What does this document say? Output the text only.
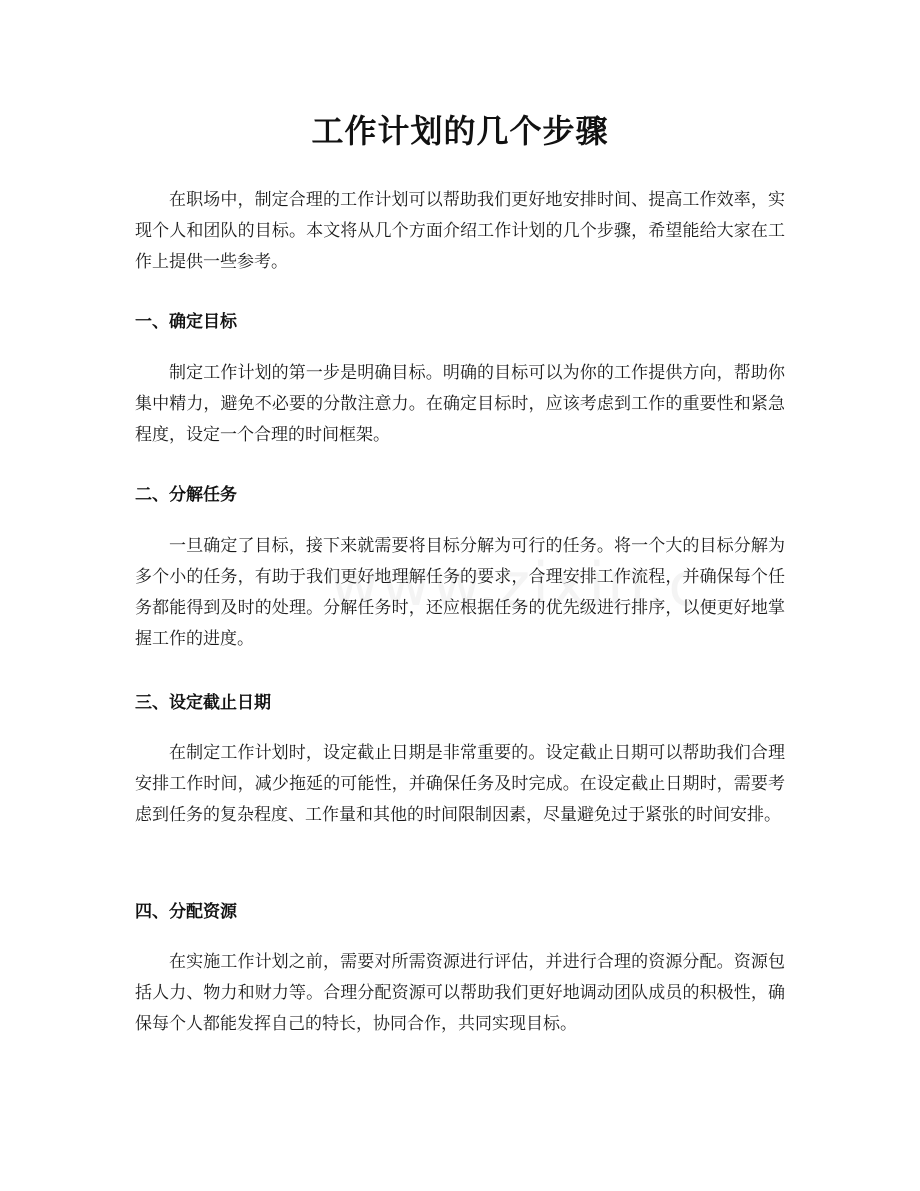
工作计划的几个步骤

在职场中，制定合理的工作计划可以帮助我们更好地安排时间、提高工作效率，实现个人和团队的目标。本文将从几个方面介绍工作计划的几个步骤，希望能给大家在工作上提供一些参考。

一、确定目标

制定工作计划的第一步是明确目标。明确的目标可以为你的工作提供方向，帮助你集中精力，避免不必要的分散注意力。在确定目标时，应该考虑到工作的重要性和紧急程度，设定一个合理的时间框架。

二、分解任务

一旦确定了目标，接下来就需要将目标分解为可行的任务。将一个大的目标分解为多个小的任务，有助于我们更好地理解任务的要求，合理安排工作流程，并确保每个任务都能得到及时的处理。分解任务时，还应根据任务的优先级进行排序，以便更好地掌握工作的进度。

三、设定截止日期

在制定工作计划时，设定截止日期是非常重要的。设定截止日期可以帮助我们合理安排工作时间，减少拖延的可能性，并确保任务及时完成。在设定截止日期时，需要考虑到任务的复杂程度、工作量和其他的时间限制因素，尽量避免过于紧张的时间安排。

四、分配资源

在实施工作计划之前，需要对所需资源进行评估，并进行合理的资源分配。资源包括人力、物力和财力等。合理分配资源可以帮助我们更好地调动团队成员的积极性，确保每个人都能发挥自己的特长，协同合作，共同实现目标。
